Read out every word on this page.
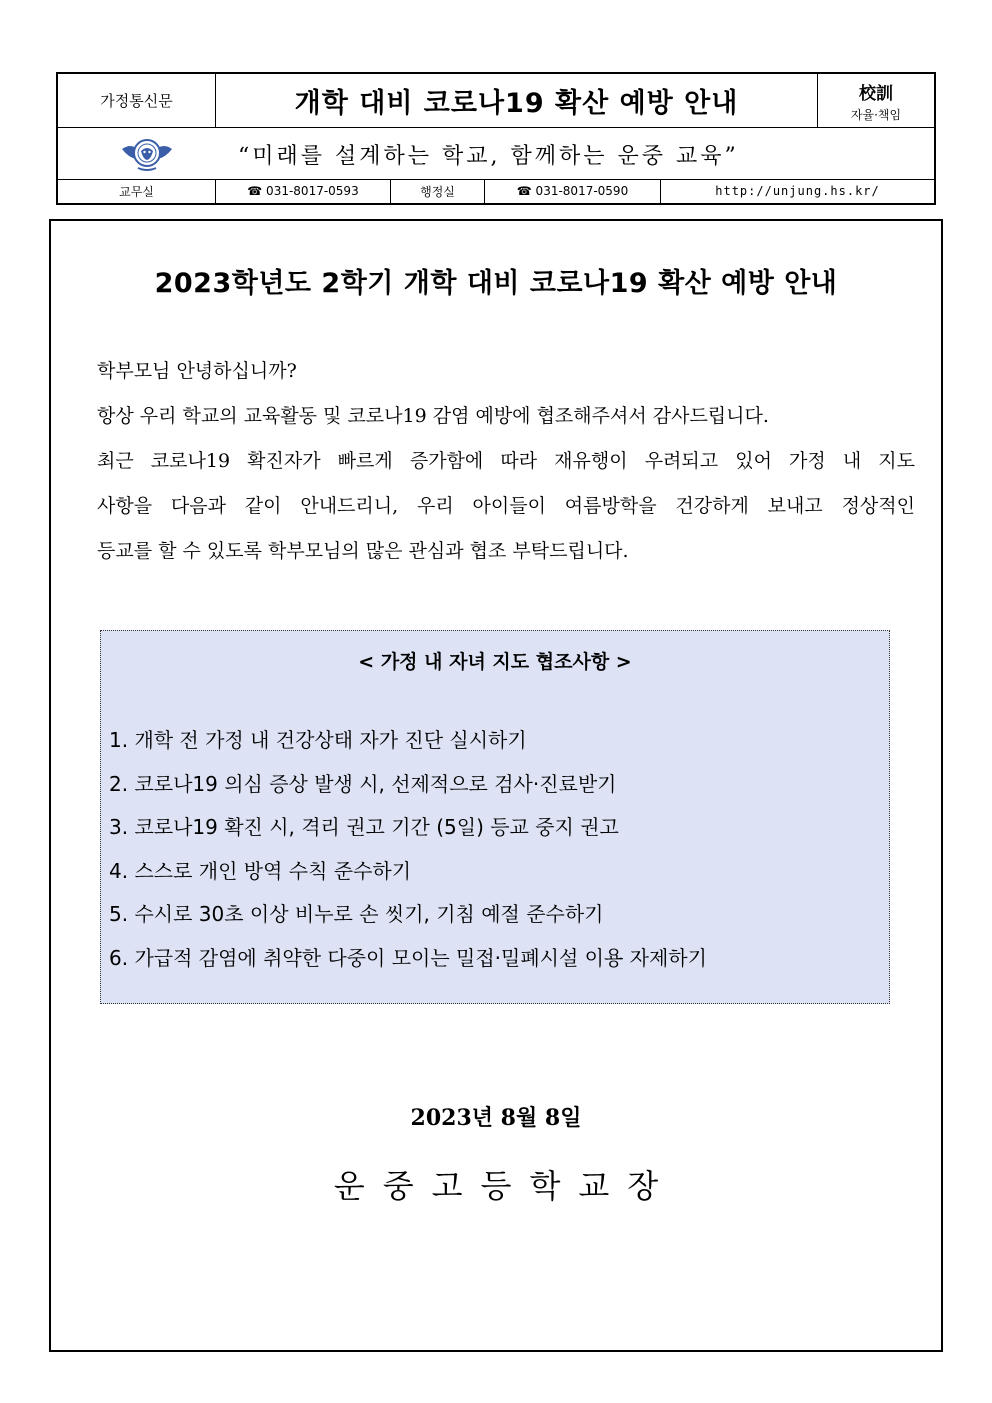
가정통신문	개학 대비 코로나19 확산 예방 안내	校訓
자율·책임
“미래를 설계하는 학교, 함께하는 운중 교육”
교무실	☎ 031-8017-0593	행정실	☎ 031-8017-0590	http://unjung.hs.kr/
2023학년도 2학기 개학 대비 코로나19 확산 예방 안내

학부모님 안녕하십니까?

항상 우리 학교의 교육활동 및 코로나19 감염 예방에 협조해주셔서 감사드립니다.

최근 코로나19 확진자가 빠르게 증가함에 따라 재유행이 우려되고 있어 가정 내 지도

사항을 다음과 같이 안내드리니, 우리 아이들이 여름방학을 건강하게 보내고 정상적인

등교를 할 수 있도록 학부모님의 많은 관심과 협조 부탁드립니다.

< 가정 내 자녀 지도 협조사항 >
1. 개학 전 가정 내 건강상태 자가 진단 실시하기
2. 코로나19 의심 증상 발생 시, 선제적으로 검사·진료받기
3. 코로나19 확진 시, 격리 권고 기간 (5일) 등교 중지 권고
4. 스스로 개인 방역 수칙 준수하기
5. 수시로 30초 이상 비누로 손 씻기, 기침 예절 준수하기
6. 가급적 감염에 취약한 다중이 모이는 밀접·밀폐시설 이용 자제하기
2023년 8월 8일
운중고등학교장
